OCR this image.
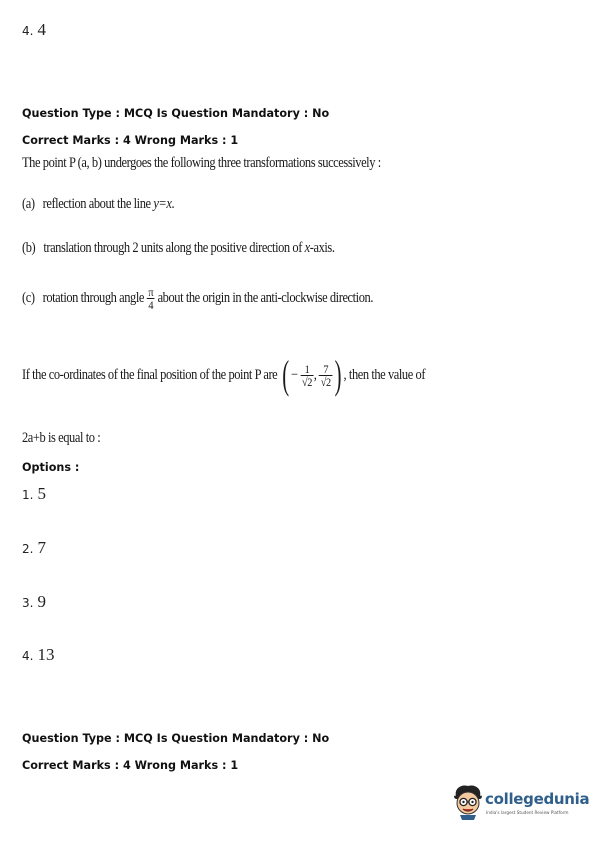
4. 4
Question Type : MCQ Is Question Mandatory : No
Correct Marks : 4 Wrong Marks : 1
The point P (a, b) undergoes the following three transformations successively :
(a) reflection about the line y=x.
(b) translation through 2 units along the positive direction of x-axis.
(c) rotation through angle $\frac{\pi}{4}$ about the origin in the anti-clockwise direction.
If the co-ordinates of the final position of the point P are
( −
$\frac{1}{√2}$ ,
$\frac{7}{√2}$ ) , then the value of
2a+b is equal to :
Options :
1. 5
2. 7
3. 9
4. 13
Question Type : MCQ Is Question Mandatory : No
Correct Marks : 4 Wrong Marks : 1
collegedunia
India's largest Student Review Platform
